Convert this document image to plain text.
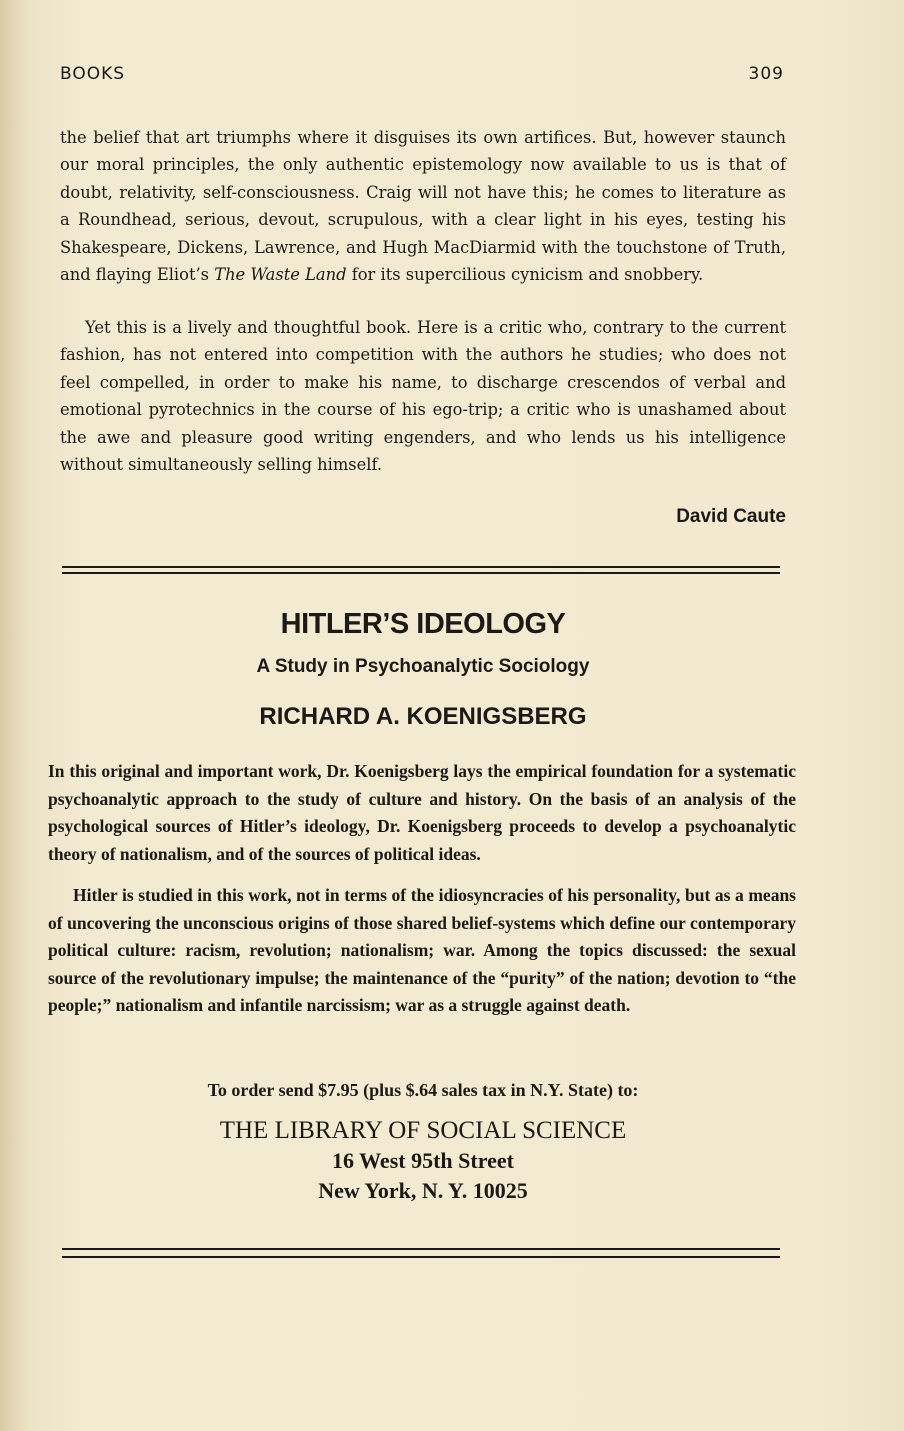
BOOKS	309

the belief that art triumphs where it disguises its own artifices. But, however staunch our moral principles, the only authentic epistemology now available to us is that of doubt, relativity, self-consciousness. Craig will not have this; he comes to literature as a Roundhead, serious, devout, scrupulous, with a clear light in his eyes, testing his Shakespeare, Dickens, Lawrence, and Hugh MacDiarmid with the touchstone of Truth, and flaying Eliot’s The Waste Land for its supercilious cynicism and snobbery.

Yet this is a lively and thoughtful book. Here is a critic who, contrary to the current fashion, has not entered into competition with the authors he studies; who does not feel compelled, in order to make his name, to discharge crescendos of verbal and emotional pyrotechnics in the course of his ego-trip; a critic who is unashamed about the awe and pleasure good writing engenders, and who lends us his intelligence without simultaneously selling himself.

David Caute
HITLER’S IDEOLOGY
A Study in Psychoanalytic Sociology
RICHARD A. KOENIGSBERG
In this original and important work, Dr. Koenigsberg lays the empirical foundation for a systematic psychoanalytic approach to the study of culture and history. On the basis of an analysis of the psychological sources of Hitler’s ideology, Dr. Koenigsberg proceeds to develop a psychoanalytic theory of nationalism, and of the sources of political ideas.
Hitler is studied in this work, not in terms of the idiosyncracies of his personality, but as a means of uncovering the unconscious origins of those shared belief-systems which define our contemporary political culture: racism, revolution; nationalism; war. Among the topics discussed: the sexual source of the revolutionary impulse; the maintenance of the “purity” of the nation; devotion to “the people;” nationalism and infantile narcissism; war as a struggle against death.
To order send $7.95 (plus $.64 sales tax in N.Y. State) to:
THE LIBRARY OF SOCIAL SCIENCE
16 West 95th Street
New York, N. Y. 10025
